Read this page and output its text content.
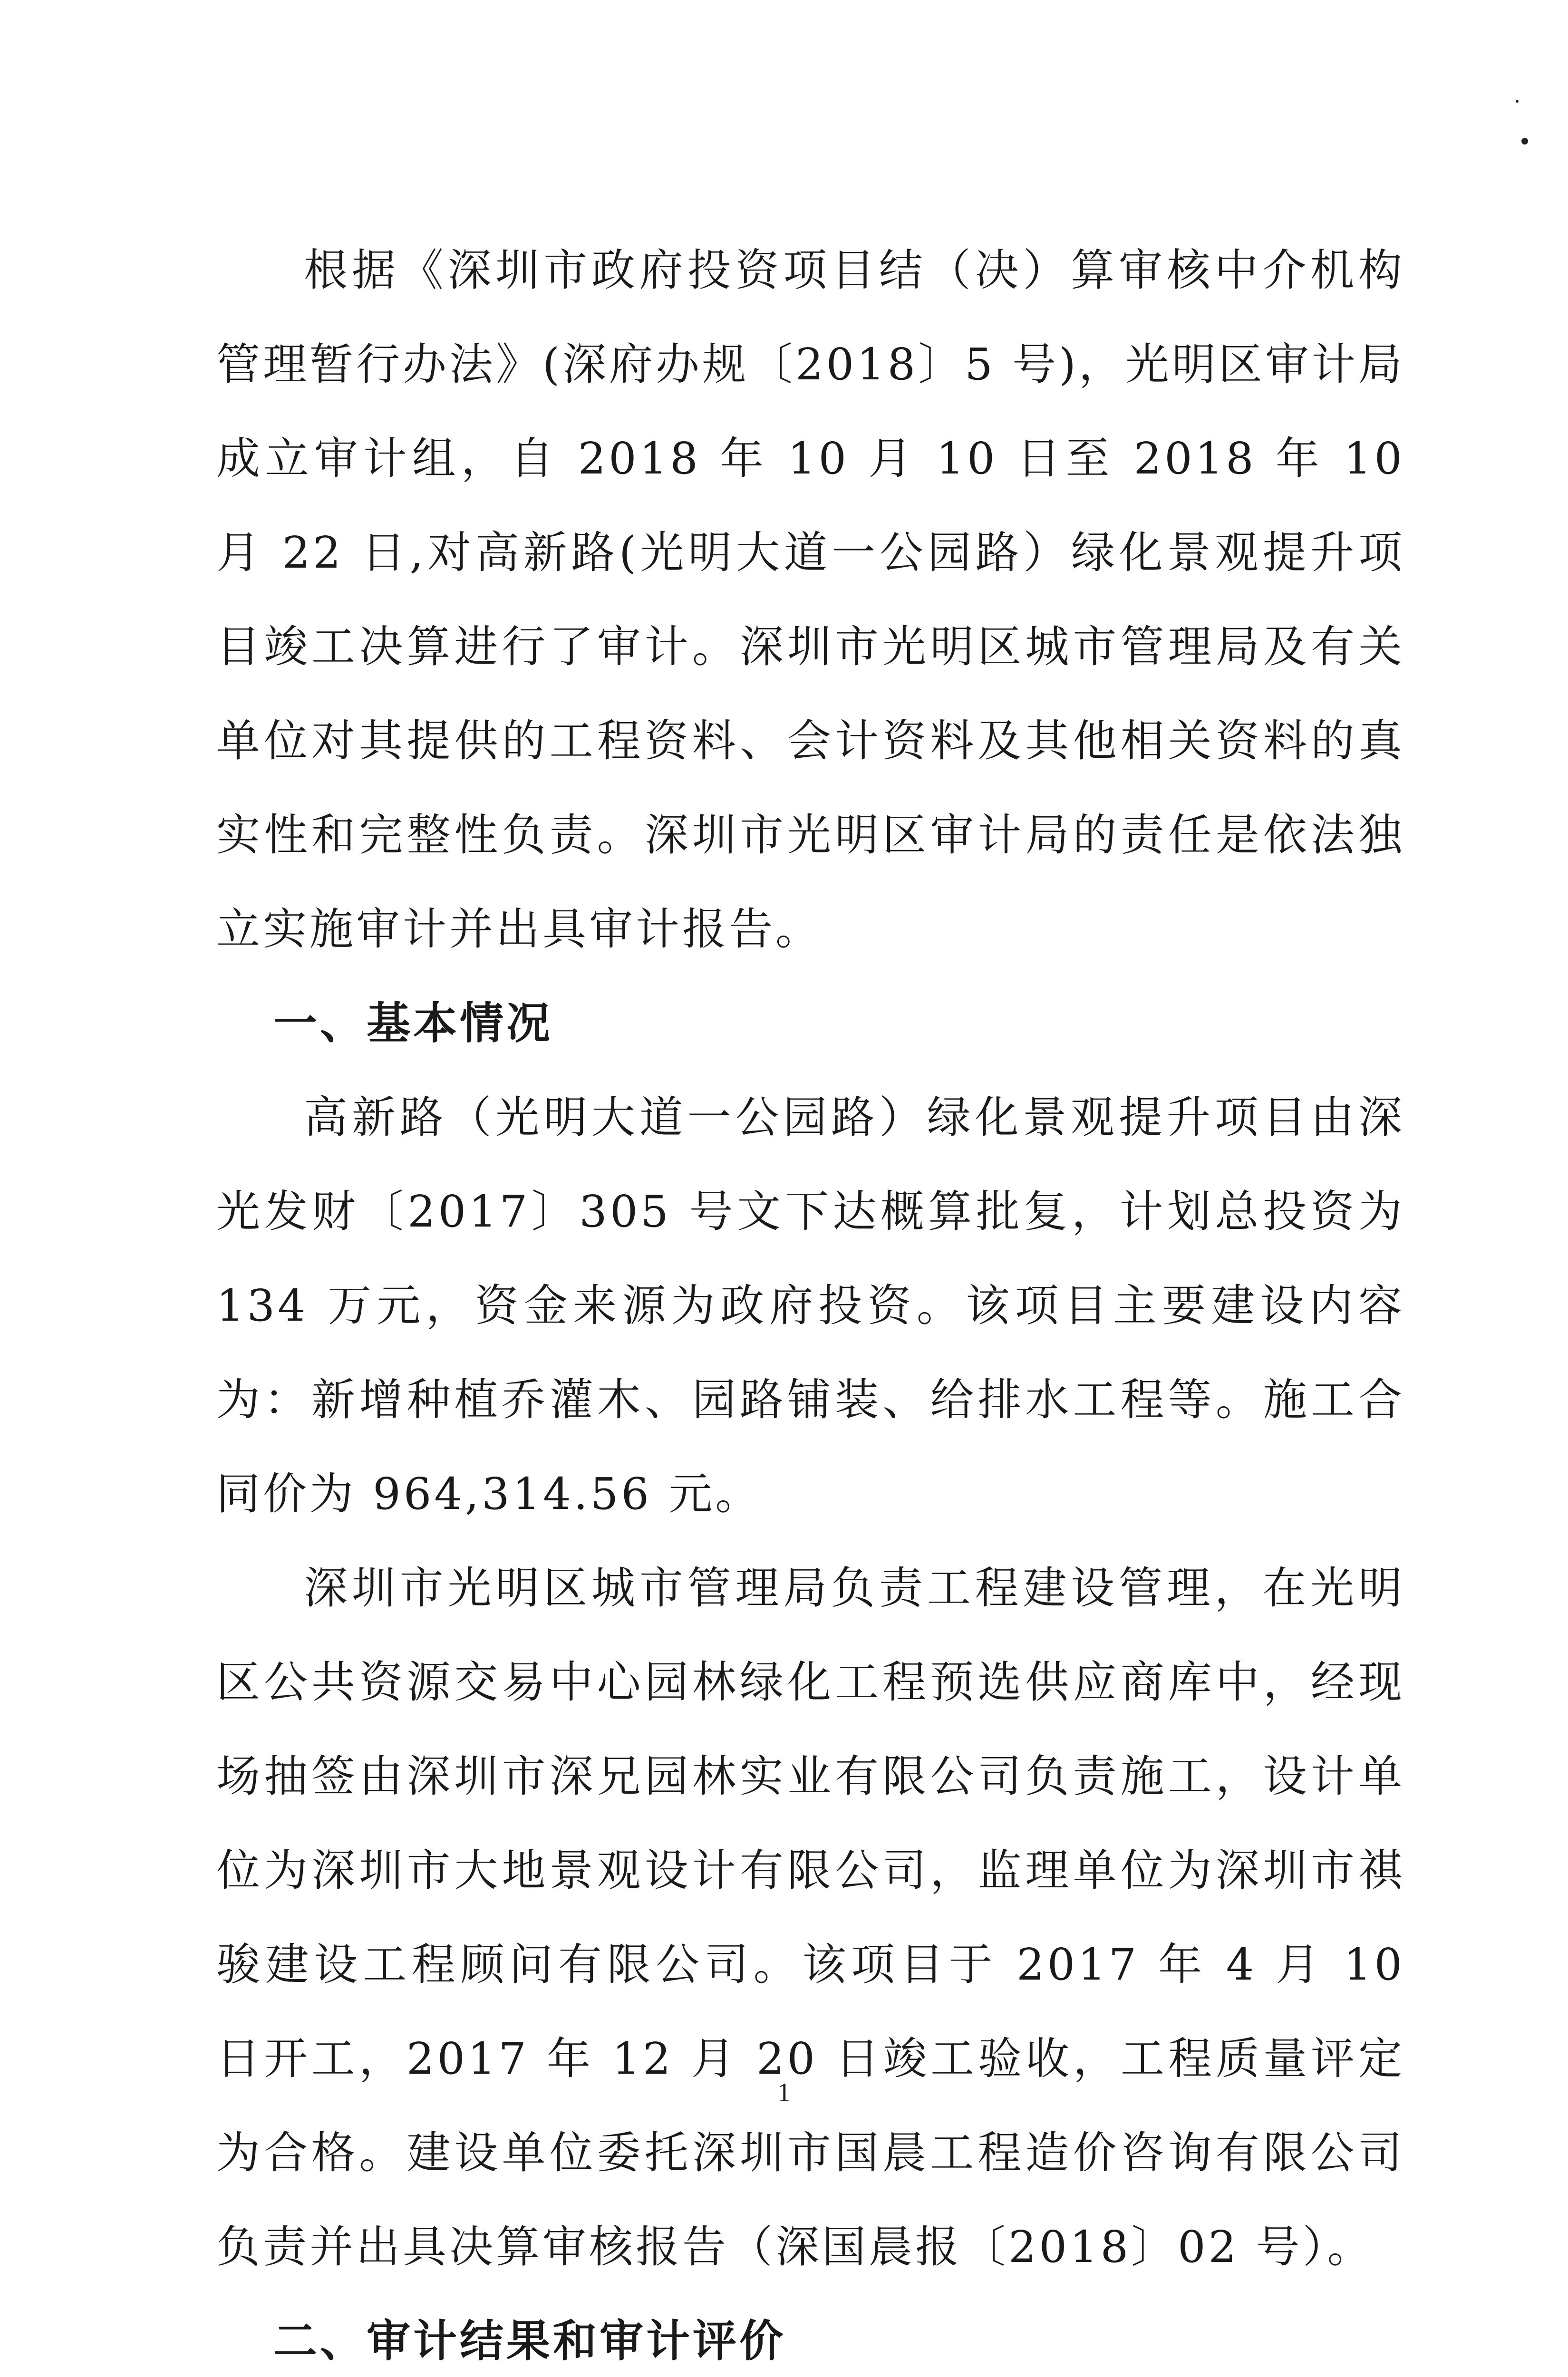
根据《深圳市政府投资项目结（决）算审核中介机构管理暂行办法》(深府办规〔2018〕5 号)，光明区审计局成立审计组，自 2018 年 10 月 10 日至 2018 年 10 月 22 日,对高新路(光明大道一公园路）绿化景观提升项目竣工决算进行了审计。深圳市光明区城市管理局及有关单位对其提供的工程资料、会计资料及其他相关资料的真实性和完整性负责。深圳市光明区审计局的责任是依法独立实施审计并出具审计报告。

一、基本情况

高新路（光明大道一公园路）绿化景观提升项目由深光发财〔2017〕305 号文下达概算批复，计划总投资为 134 万元，资金来源为政府投资。该项目主要建设内容为：新增种植乔灌木、园路铺装、给排水工程等。施工合同价为 964,314.56 元。

深圳市光明区城市管理局负责工程建设管理，在光明区公共资源交易中心园林绿化工程预选供应商库中，经现场抽签由深圳市深兄园林实业有限公司负责施工，设计单位为深圳市大地景观设计有限公司，监理单位为深圳市祺骏建设工程顾问有限公司。该项目于 2017 年 4 月 10 日开工，2017 年 12 月 20 日竣工验收，工程质量评定为合格。建设单位委托深圳市国晨工程造价咨询有限公司负责并出具决算审核报告（深国晨报〔2018〕02 号）。

二、审计结果和审计评价

1
